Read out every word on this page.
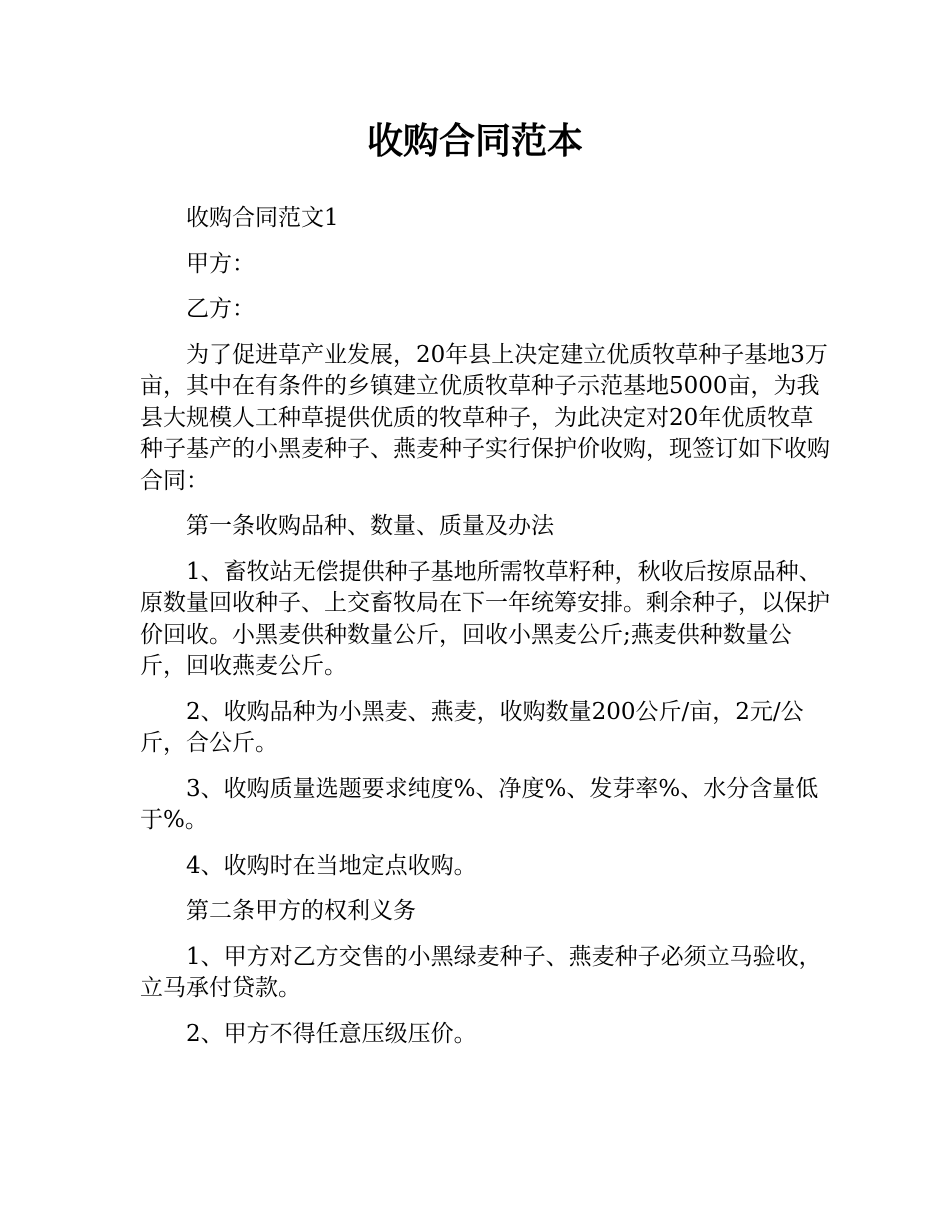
收购合同范本

收购合同范文1

甲方：

乙方：

为了促进草产业发展，20年县上决定建立优质牧草种子基地3万亩，其中在有条件的乡镇建立优质牧草种子示范基地5000亩，为我县大规模人工种草提供优质的牧草种子，为此决定对20年优质牧草种子基产的小黑麦种子、燕麦种子实行保护价收购，现签订如下收购合同：

第一条收购品种、数量、质量及办法

1、畜牧站无偿提供种子基地所需牧草籽种，秋收后按原品种、原数量回收种子、上交畜牧局在下一年统筹安排。剩余种子，以保护价回收。小黑麦供种数量公斤，回收小黑麦公斤;燕麦供种数量公斤，回收燕麦公斤。

2、收购品种为小黑麦、燕麦，收购数量200公斤/亩，2元/公斤，合公斤。

3、收购质量选题要求纯度%、净度%、发芽率%、水分含量低于%。

4、收购时在当地定点收购。

第二条甲方的权利义务

1、甲方对乙方交售的小黑绿麦种子、燕麦种子必须立马验收，立马承付贷款。

2、甲方不得任意压级压价。
